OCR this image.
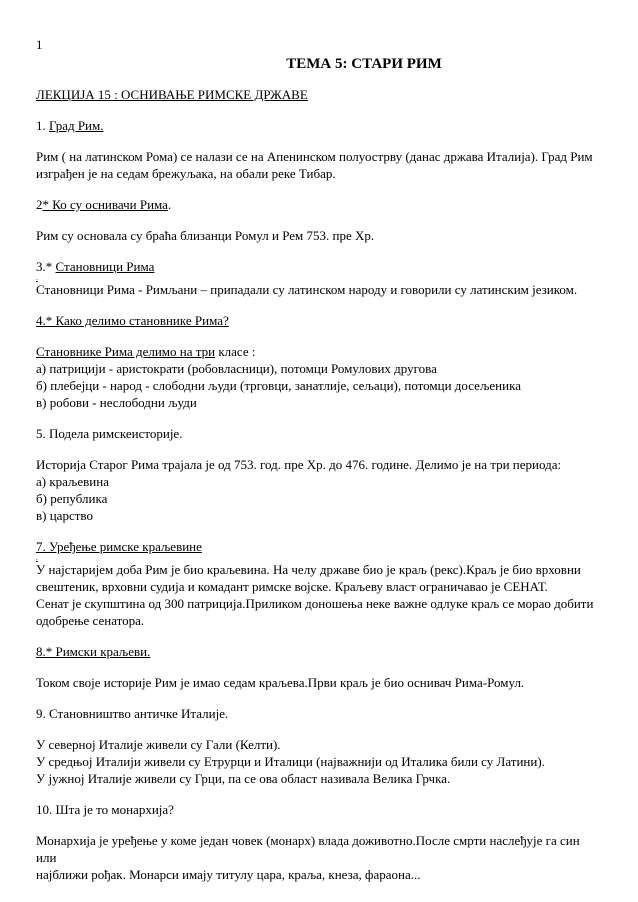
1
ТЕМА 5: СТАРИ РИМ

ЛЕКЦИЈА 15 : ОСНИВАЊЕ РИМСКЕ ДРЖАВЕ

1. Град Рим.

Рим ( на латинском Рома) се налази се на Апенинском полуострву (данас држава Италија). Град Рим изграђен је на седам брежуљака, на обали реке Тибар.

2* Ко су оснивачи Рима.

Рим су основала су браћа близанци Ромул и Рем 753. пре Хр.

3.* Становници Рима

.

Становници Рима - Римљани – припадали су латинском народу и говорили су латинским језиком.

4.* Како делимо становнике Рима?

Становнике Рима делимо на три класе :

а) патрицији - аристократи (робовласници), потомци Ромулових другова

б) плебејци - народ - слободни људи (трговци, занатлије, сељаци), потомци досељеника

в) робови - неслободни људи

5. Подела римскеисторије.

Историја Старог Рима трајала је од 753. год. пре Хр. до 476. године. Делимо је на три периода:

а) краљевина

б) република

в) царство

7. Уређење римске краљевине

.

У најстаријем доба Рим је био краљевина. На челу државе био је краљ (рекс).Краљ је био врховни свештеник, врховни судија и комадант римске војске. Краљеву власт ограничаваo је СЕНАТ.

Сенат је скупштина од 300 патриција.Приликом доношења неке важне одлуке краљ се морао добити одобрење сенатора.

8.* Римски краљеви.

Током своје историје Рим је имао седам краљева.Први краљ је био оснивач Рима-Ромул.

9. Становништво античке Италије.

У северној Италије живели су Гали (Келти).

У средњој Италији живели су Етрурци и Италици (најважнији од Италика били су Латини).

У јужној Италије живели су Грци, па се ова област називала Велика Грчка.

10. Шта је то монархија?

Монархија је уређење у коме један човек (монарх) влада доживотно.После смрти наслеђује га син или

најближи рођак. Монарси имају титулу цара, краља, кнеза, фараона...
